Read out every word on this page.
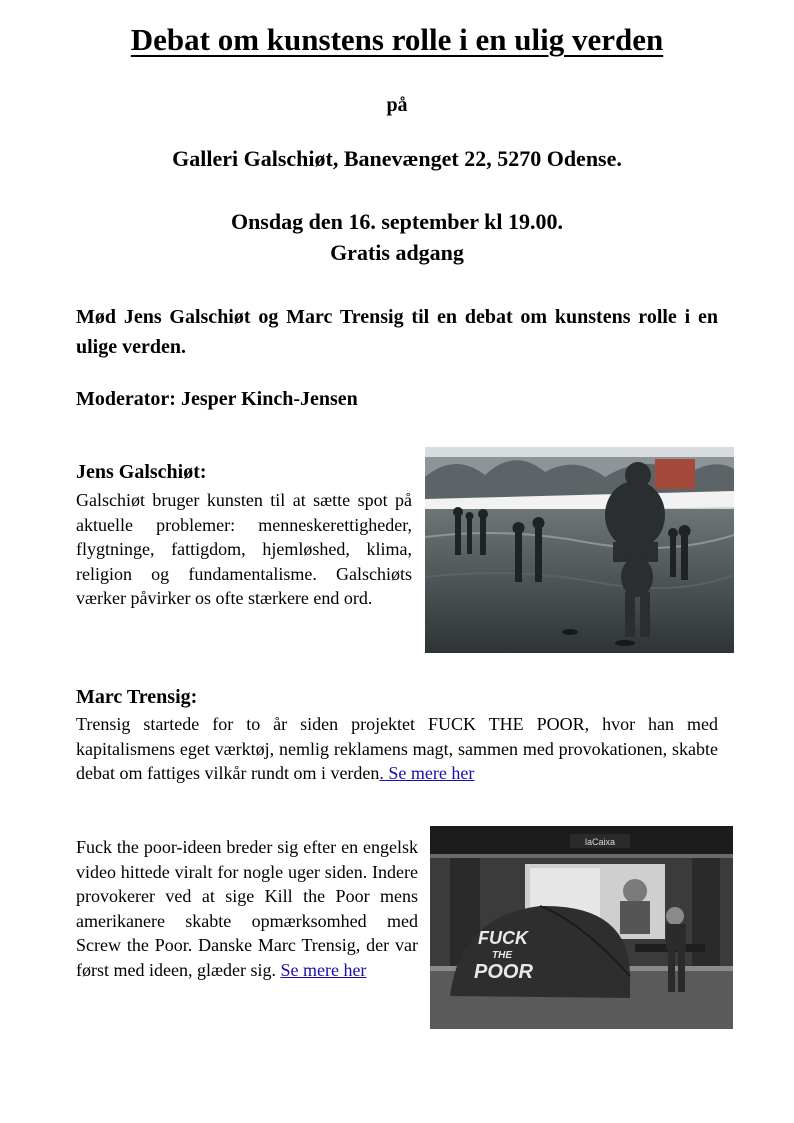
Debat om kunstens rolle i en ulig verden

på

Galleri Galschiøt, Banevænget 22, 5270 Odense.

Onsdag den 16. september kl 19.00.

Gratis adgang

Mød Jens Galschiøt og Marc Trensig til en debat om kunstens rolle i en ulige verden.

Moderator: Jesper Kinch-Jensen

Jens Galschiøt:

Galschiøt bruger kunsten til at sætte spot på aktuelle problemer: menneskerettigheder, flygtninge, fattigdom, hjemløshed, klima, religion og fundamentalisme. Galschiøts værker påvirker os ofte stærkere end ord.

Marc Trensig:

Trensig startede for to år siden projektet FUCK THE POOR, hvor han med kapitalismens eget værktøj, nemlig reklamens magt, sammen med provokationen, skabte debat om fattiges vilkår rundt om i verden. Se mere her

Fuck the poor-ideen breder sig efter en engelsk video hittede viralt for nogle uger siden. Indere provokerer ved at sige Kill the Poor mens amerikanere skabte opmærksomhed med Screw the Poor. Danske Marc Trensig, der var først med ideen, glæder sig. Se mere her

laCaixa
FUCK
THE
POOR
